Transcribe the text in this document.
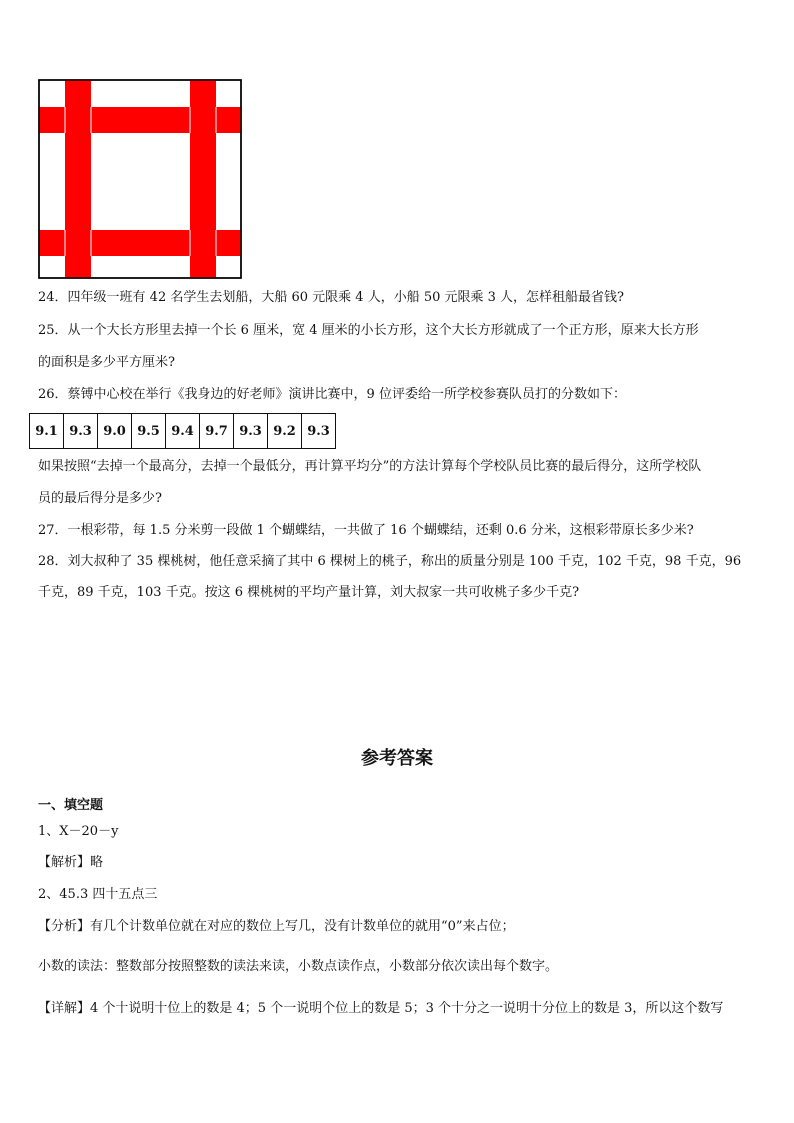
24．四年级一班有 42 名学生去划船，大船 60 元限乘 4 人，小船 50 元限乘 3 人，怎样租船最省钱?
25．从一个大长方形里去掉一个长 6 厘米，宽 4 厘米的小长方形，这个大长方形就成了一个正方形，原来大长方形
的面积是多少平方厘米?
26．蔡镈中心校在举行《我身边的好老师》演讲比赛中，9 位评委给一所学校参赛队员打的分数如下：
9.1	9.3	9.0	9.5	9.4	9.7	9.3	9.2	9.3
如果按照“去掉一个最高分，去掉一个最低分，再计算平均分”的方法计算每个学校队员比赛的最后得分，这所学校队
员的最后得分是多少?
27．一根彩带，每 1.5 分米剪一段做 1 个蝴蝶结，一共做了 16 个蝴蝶结，还剩 0.6 分米，这根彩带原长多少米?
28．刘大叔种了 35 棵桃树，他任意采摘了其中 6 棵树上的桃子，称出的质量分别是 100 千克，102 千克，98 千克，96
千克，89 千克，103 千克。按这 6 棵桃树的平均产量计算，刘大叔家一共可收桃子多少千克?
参考答案
一、填空题
1、X－20－y
【解析】略
2、45.3 四十五点三
【分析】有几个计数单位就在对应的数位上写几，没有计数单位的就用“0”来占位；
小数的读法：整数部分按照整数的读法来读，小数点读作点，小数部分依次读出每个数字。
【详解】4 个十说明十位上的数是 4；5 个一说明个位上的数是 5；3 个十分之一说明十分位上的数是 3，所以这个数写
